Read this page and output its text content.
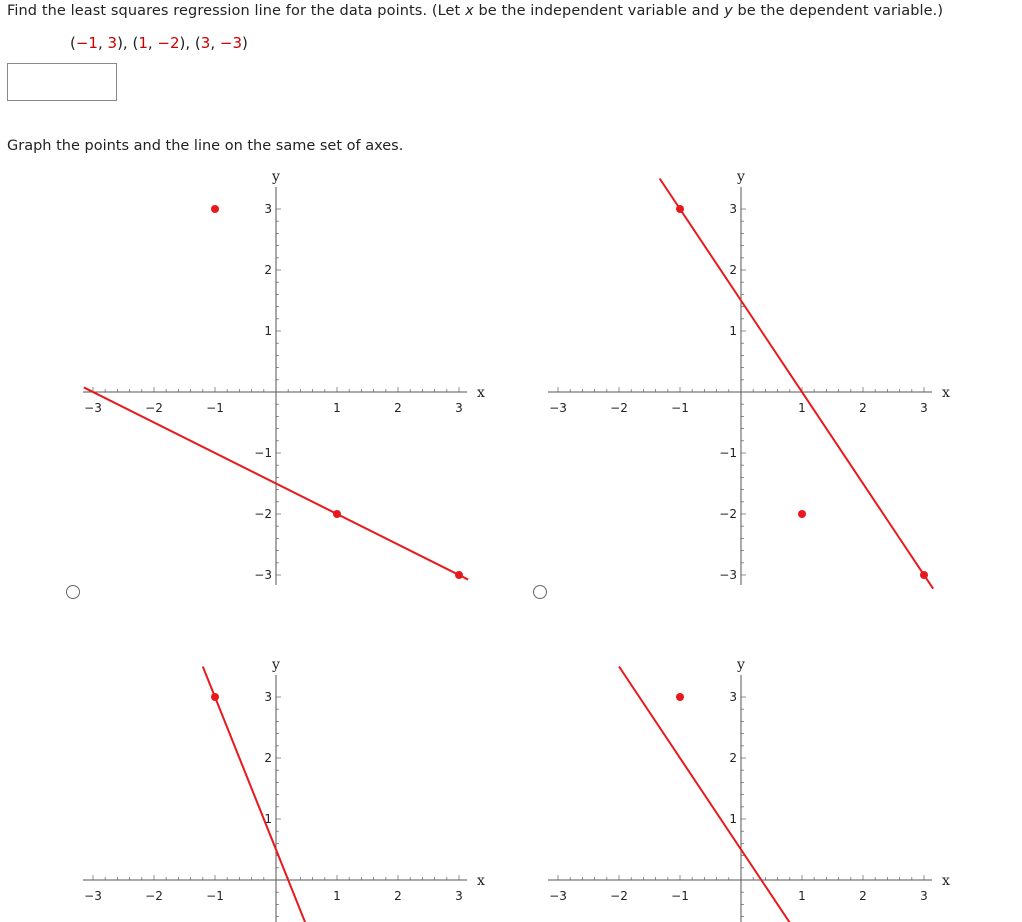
Find the least squares regression line for the data points. (Let x be the independent variable and y be the dependent variable.)
(−1, 3), (1, −2), (3, −3)
Graph the points and the line on the same set of axes.
x
y
−3	−2	−1	1	2	3
3
2
1
−1
−2
−3
x
y
−3	−2	−1	1	2	3
3
2
1
−1
−2
−3
x
y
−3	−2	−1	1	2	3
3
2
1
x
y
−3	−2	−1	1	2	3
3
2
1
